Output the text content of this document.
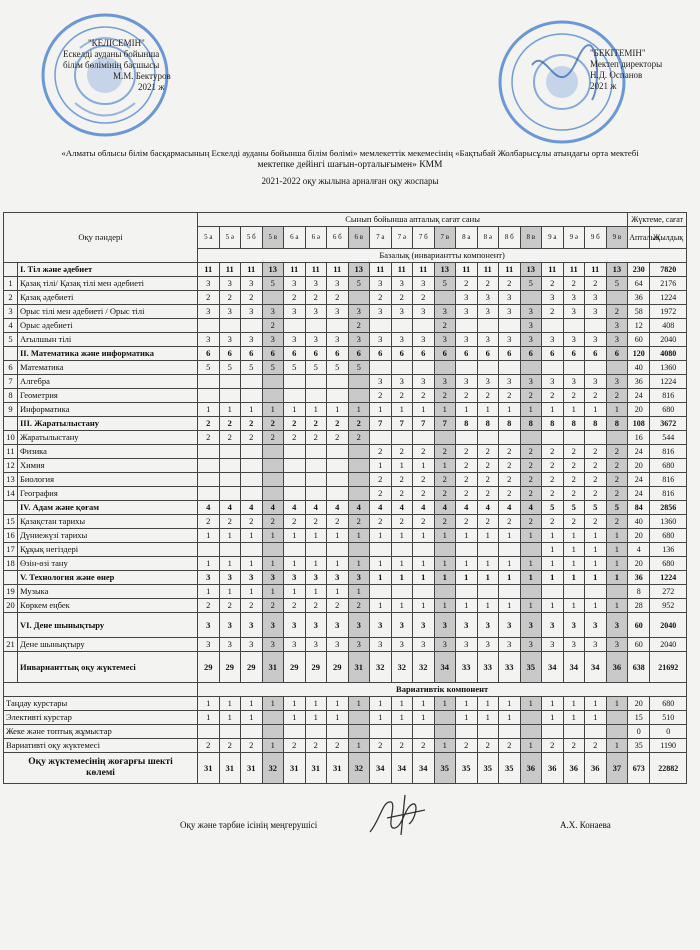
"КЕЛІСЕМІН"
Ескелді ауданы бойынша
білім бөлімінің басшысы
М.М. Бектуров
2021 ж
"БЕКІТЕМІН"
Мектеп директоры
Н.Д. Оспанов
2021 ж
«Алматы облысы білім басқармасының Ескелді ауданы бойынша білім бөлімі» мемлекеттік мекемесінің «Бақтыбай Жолбарысұлы атындағы орта мектебі
мектепке дейінгі шағын-орталығымен» КММ
2021-2022 оқу жылына арналған оқу жоспары
Оқу пәндері		Сынып бойынша апталық сағат саны																				Жүктеме, сағат	
		5 а	5 ә	5 б	5 в	6 а	6 ә	6 б	6 в	7 а	7 ә	7 б	7 в	8 а	8 ә	8 б	8 в	9 а	9 ә	9 б	9 в	Апталық	Жылдық
		Базалық (инвариантты компонент)																					
	I. Тіл және әдебиет	11	11	11	13	11	11	11	13	11	11	11	13	11	11	11	13	11	11	11	13	230	7820
1	Қазақ тілі/ Қазақ тілі мен әдебиеті	3	3	3	5	3	3	3	5	3	3	3	5	2	2	2	5	2	2	2	5	64	2176
2	Қазақ әдебиеті	2	2	2		2	2	2		2	2	2		3	3	3		3	3	3		36	1224
3	Орыс тілі мен әдебиеті / Орыс тілі	3	3	3	3	3	3	3	3	3	3	3	3	3	3	3	3	2	3	3	2	58	1972
4	Орыс әдебиеті				2				2				2				3				3	12	408
5	Ағылшын тілі	3	3	3	3	3	3	3	3	3	3	3	3	3	3	3	3	3	3	3	3	60	2040
	II. Математика және информатика	6	6	6	6	6	6	6	6	6	6	6	6	6	6	6	6	6	6	6	6	120	4080
6	Математика	5	5	5	5	5	5	5	5													40	1360
7	Алгебра									3	3	3	3	3	3	3	3	3	3	3	3	36	1224
8	Геометрия									2	2	2	2	2	2	2	2	2	2	2	2	24	816
9	Информатика	1	1	1	1	1	1	1	1	1	1	1	1	1	1	1	1	1	1	1	1	20	680
	III. Жаратылыстану	2	2	2	2	2	2	2	2	7	7	7	7	8	8	8	8	8	8	8	8	108	3672
10	Жаратылыстану	2	2	2	2	2	2	2	2													16	544
11	Физика									2	2	2	2	2	2	2	2	2	2	2	2	24	816
12	Химия									1	1	1	1	2	2	2	2	2	2	2	2	20	680
13	Биология									2	2	2	2	2	2	2	2	2	2	2	2	24	816
14	География									2	2	2	2	2	2	2	2	2	2	2	2	24	816
	IV. Адам және қоғам	4	4	4	4	4	4	4	4	4	4	4	4	4	4	4	4	5	5	5	5	84	2856
15	Қазақстан тарихы	2	2	2	2	2	2	2	2	2	2	2	2	2	2	2	2	2	2	2	2	40	1360
16	Дүниежүзі тарихы	1	1	1	1	1	1	1	1	1	1	1	1	1	1	1	1	1	1	1	1	20	680
17	Құқық негіздері																	1	1	1	1	4	136
18	Өзін-өзі тану	1	1	1	1	1	1	1	1	1	1	1	1	1	1	1	1	1	1	1	1	20	680
	V. Технология және өнер	3	3	3	3	3	3	3	3	1	1	1	1	1	1	1	1	1	1	1	1	36	1224
19	Музыка	1	1	1	1	1	1	1	1													8	272
20	Көркем еңбек	2	2	2	2	2	2	2	2	1	1	1	1	1	1	1	1	1	1	1	1	28	952
	VI. Дене шынықтыру	3	3	3	3	3	3	3	3	3	3	3	3	3	3	3	3	3	3	3	3	60	2040
21	Дене шынықтыру	3	3	3	3	3	3	3	3	3	3	3	3	3	3	3	3	3	3	3	3	60	2040
	Инварианттық оқу жүктемесі	29	29	29	31	29	29	29	31	32	32	32	34	33	33	33	35	34	34	34	36	638	21692
		Вариативтік компонент																					
Таңдау курстары		1	1	1	1	1	1	1	1	1	1	1	1	1	1	1	1	1	1	1	1	20	680
Элективті курстар		1	1	1		1	1	1		1	1	1		1	1	1		1	1	1		15	510
Жеке және топтық жұмыстар																						0	0
Вариативті оқу жүктемесі		2	2	2	1	2	2	2	1	2	2	2	1	2	2	2	1	2	2	2	1	35	1190

Оқу жүктемесінің жоғарғы шекті
көлемі		31	31	31	32	31	31	31	32	34	34	34	35	35	35	35	36	36	36	36	37	673	22882
Оқу және тәрбие ісінің меңгерушісі	А.Х. Конаева
